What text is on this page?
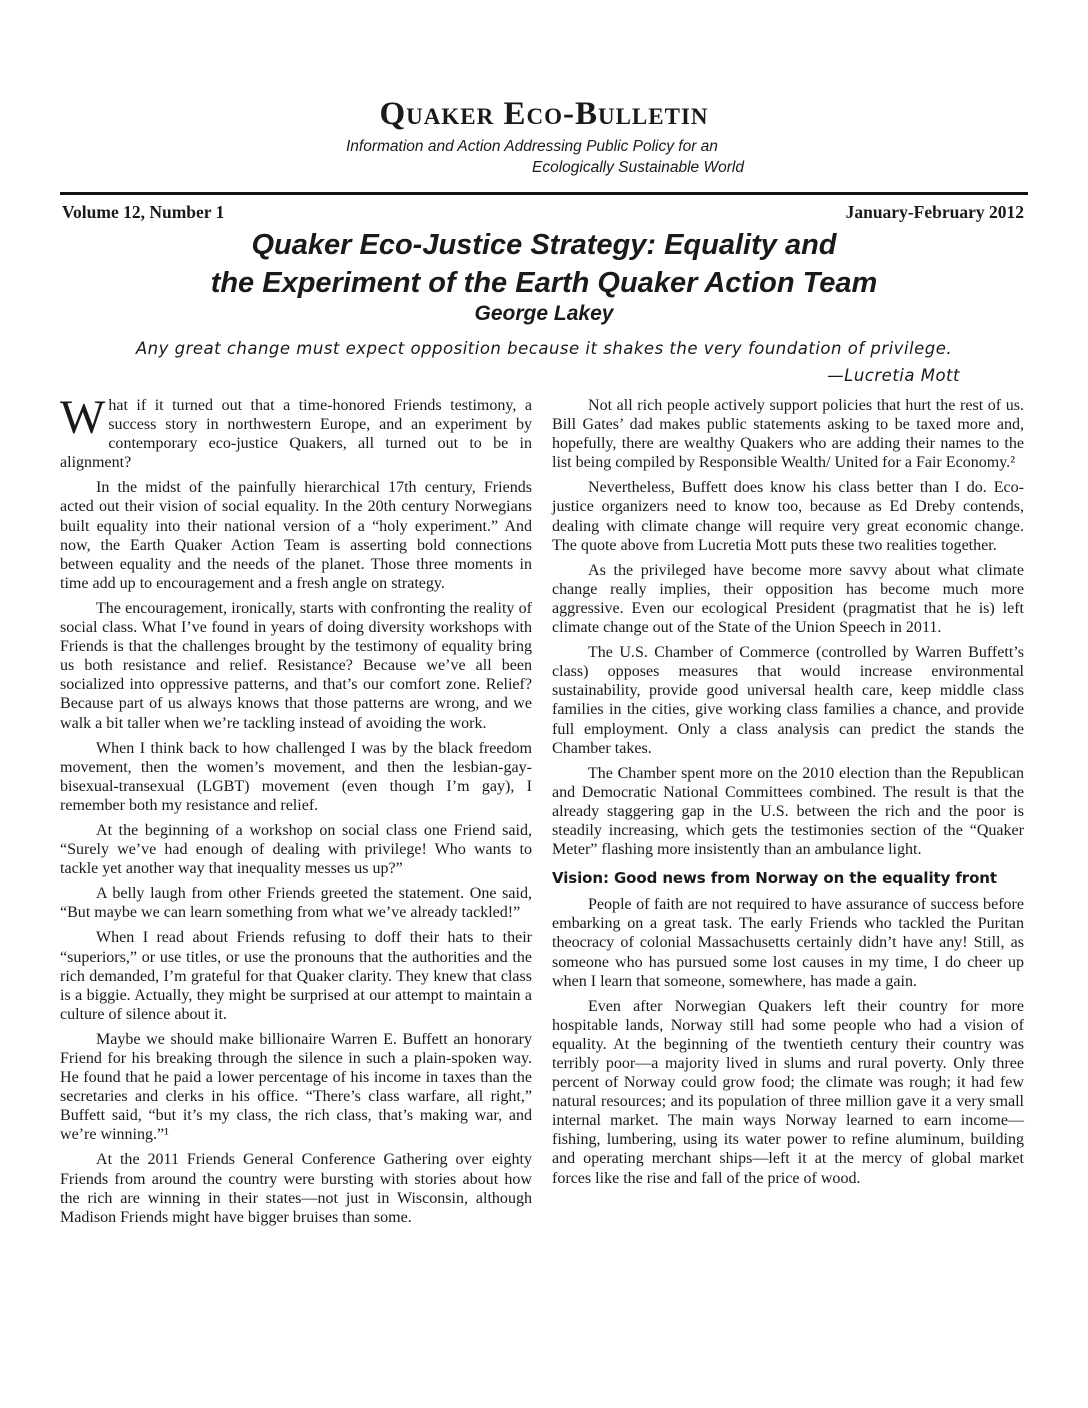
Quaker Eco-Bulletin

Information and Action Addressing Public Policy for an

Ecologically Sustainable World

Volume 12, Number 1	January-February 2012
Quaker Eco-Justice Strategy: Equality and
the Experiment of the Earth Quaker Action Team
George Lakey
Any great change must expect opposition because it shakes the very foundation of privilege.
—Lucretia Mott

What if it turned out that a time-honored Friends testimony, a success story in northwestern Europe, and an experiment by contemporary eco-justice Quakers, all turned out to be in alignment?

In the midst of the painfully hierarchical 17th century, Friends acted out their vision of social equality. In the 20th century Norwegians built equality into their national version of a “holy experiment.” And now, the Earth Quaker Action Team is asserting bold connections between equality and the needs of the planet. Those three moments in time add up to encouragement and a fresh angle on strategy.

The encouragement, ironically, starts with confronting the reality of social class. What I’ve found in years of doing diversity workshops with Friends is that the challenges brought by the testimony of equality bring us both resistance and relief. Resistance? Because we’ve all been socialized into oppressive patterns, and that’s our comfort zone. Relief? Because part of us always knows that those patterns are wrong, and we walk a bit taller when we’re tackling instead of avoiding the work.

When I think back to how challenged I was by the black freedom movement, then the women’s movement, and then the lesbian-gay-bisexual-transexual (LGBT) movement (even though I’m gay), I remember both my resistance and relief.

At the beginning of a workshop on social class one Friend said, “Surely we’ve had enough of dealing with privilege! Who wants to tackle yet another way that inequality messes us up?”

A belly laugh from other Friends greeted the statement. One said, “But maybe we can learn something from what we’ve already tackled!”

When I read about Friends refusing to doff their hats to their “superiors,” or use titles, or use the pronouns that the authorities and the rich demanded, I’m grateful for that Quaker clarity. They knew that class is a biggie. Actually, they might be surprised at our attempt to maintain a culture of silence about it.

Maybe we should make billionaire Warren E. Buffett an honorary Friend for his breaking through the silence in such a plain-spoken way. He found that he paid a lower percentage of his income in taxes than the secretaries and clerks in his office. “There’s class warfare, all right,” Buffett said, “but it’s my class, the rich class, that’s making war, and we’re winning.”¹

At the 2011 Friends General Conference Gathering over eighty Friends from around the country were bursting with stories about how the rich are winning in their states—not just in Wisconsin, although Madison Friends might have bigger bruises than some.

Not all rich people actively support policies that hurt the rest of us. Bill Gates’ dad makes public statements asking to be taxed more and, hopefully, there are wealthy Quakers who are adding their names to the list being compiled by Responsible Wealth/ United for a Fair Economy.²

Nevertheless, Buffett does know his class better than I do. Eco-justice organizers need to know too, because as Ed Dreby contends, dealing with climate change will require very great economic change. The quote above from Lucretia Mott puts these two realities together.

As the privileged have become more savvy about what climate change really implies, their opposition has become much more aggressive. Even our ecological President (pragmatist that he is) left climate change out of the State of the Union Speech in 2011.

The U.S. Chamber of Commerce (controlled by Warren Buffett’s class) opposes measures that would increase environmental sustainability, provide good universal health care, keep middle class families in the cities, give working class families a chance, and provide full employment. Only a class analysis can predict the stands the Chamber takes.

The Chamber spent more on the 2010 election than the Republican and Democratic National Committees combined. The result is that the already staggering gap in the U.S. between the rich and the poor is steadily increasing, which gets the testimonies section of the “Quaker Meter” flashing more insistently than an ambulance light.

Vision: Good news from Norway on the equality front

People of faith are not required to have assurance of success before embarking on a great task. The early Friends who tackled the Puritan theocracy of colonial Massachusetts certainly didn’t have any! Still, as someone who has pursued some lost causes in my time, I do cheer up when I learn that someone, somewhere, has made a gain.

Even after Norwegian Quakers left their country for more hospitable lands, Norway still had some people who had a vision of equality. At the beginning of the twentieth century their country was terribly poor—a majority lived in slums and rural poverty. Only three percent of Norway could grow food; the climate was rough; it had few natural resources; and its population of three million gave it a very small internal market. The main ways Norway learned to earn income—fishing, lumbering, using its water power to refine aluminum, building and operating merchant ships—left it at the mercy of global market forces like the rise and fall of the price of wood.
